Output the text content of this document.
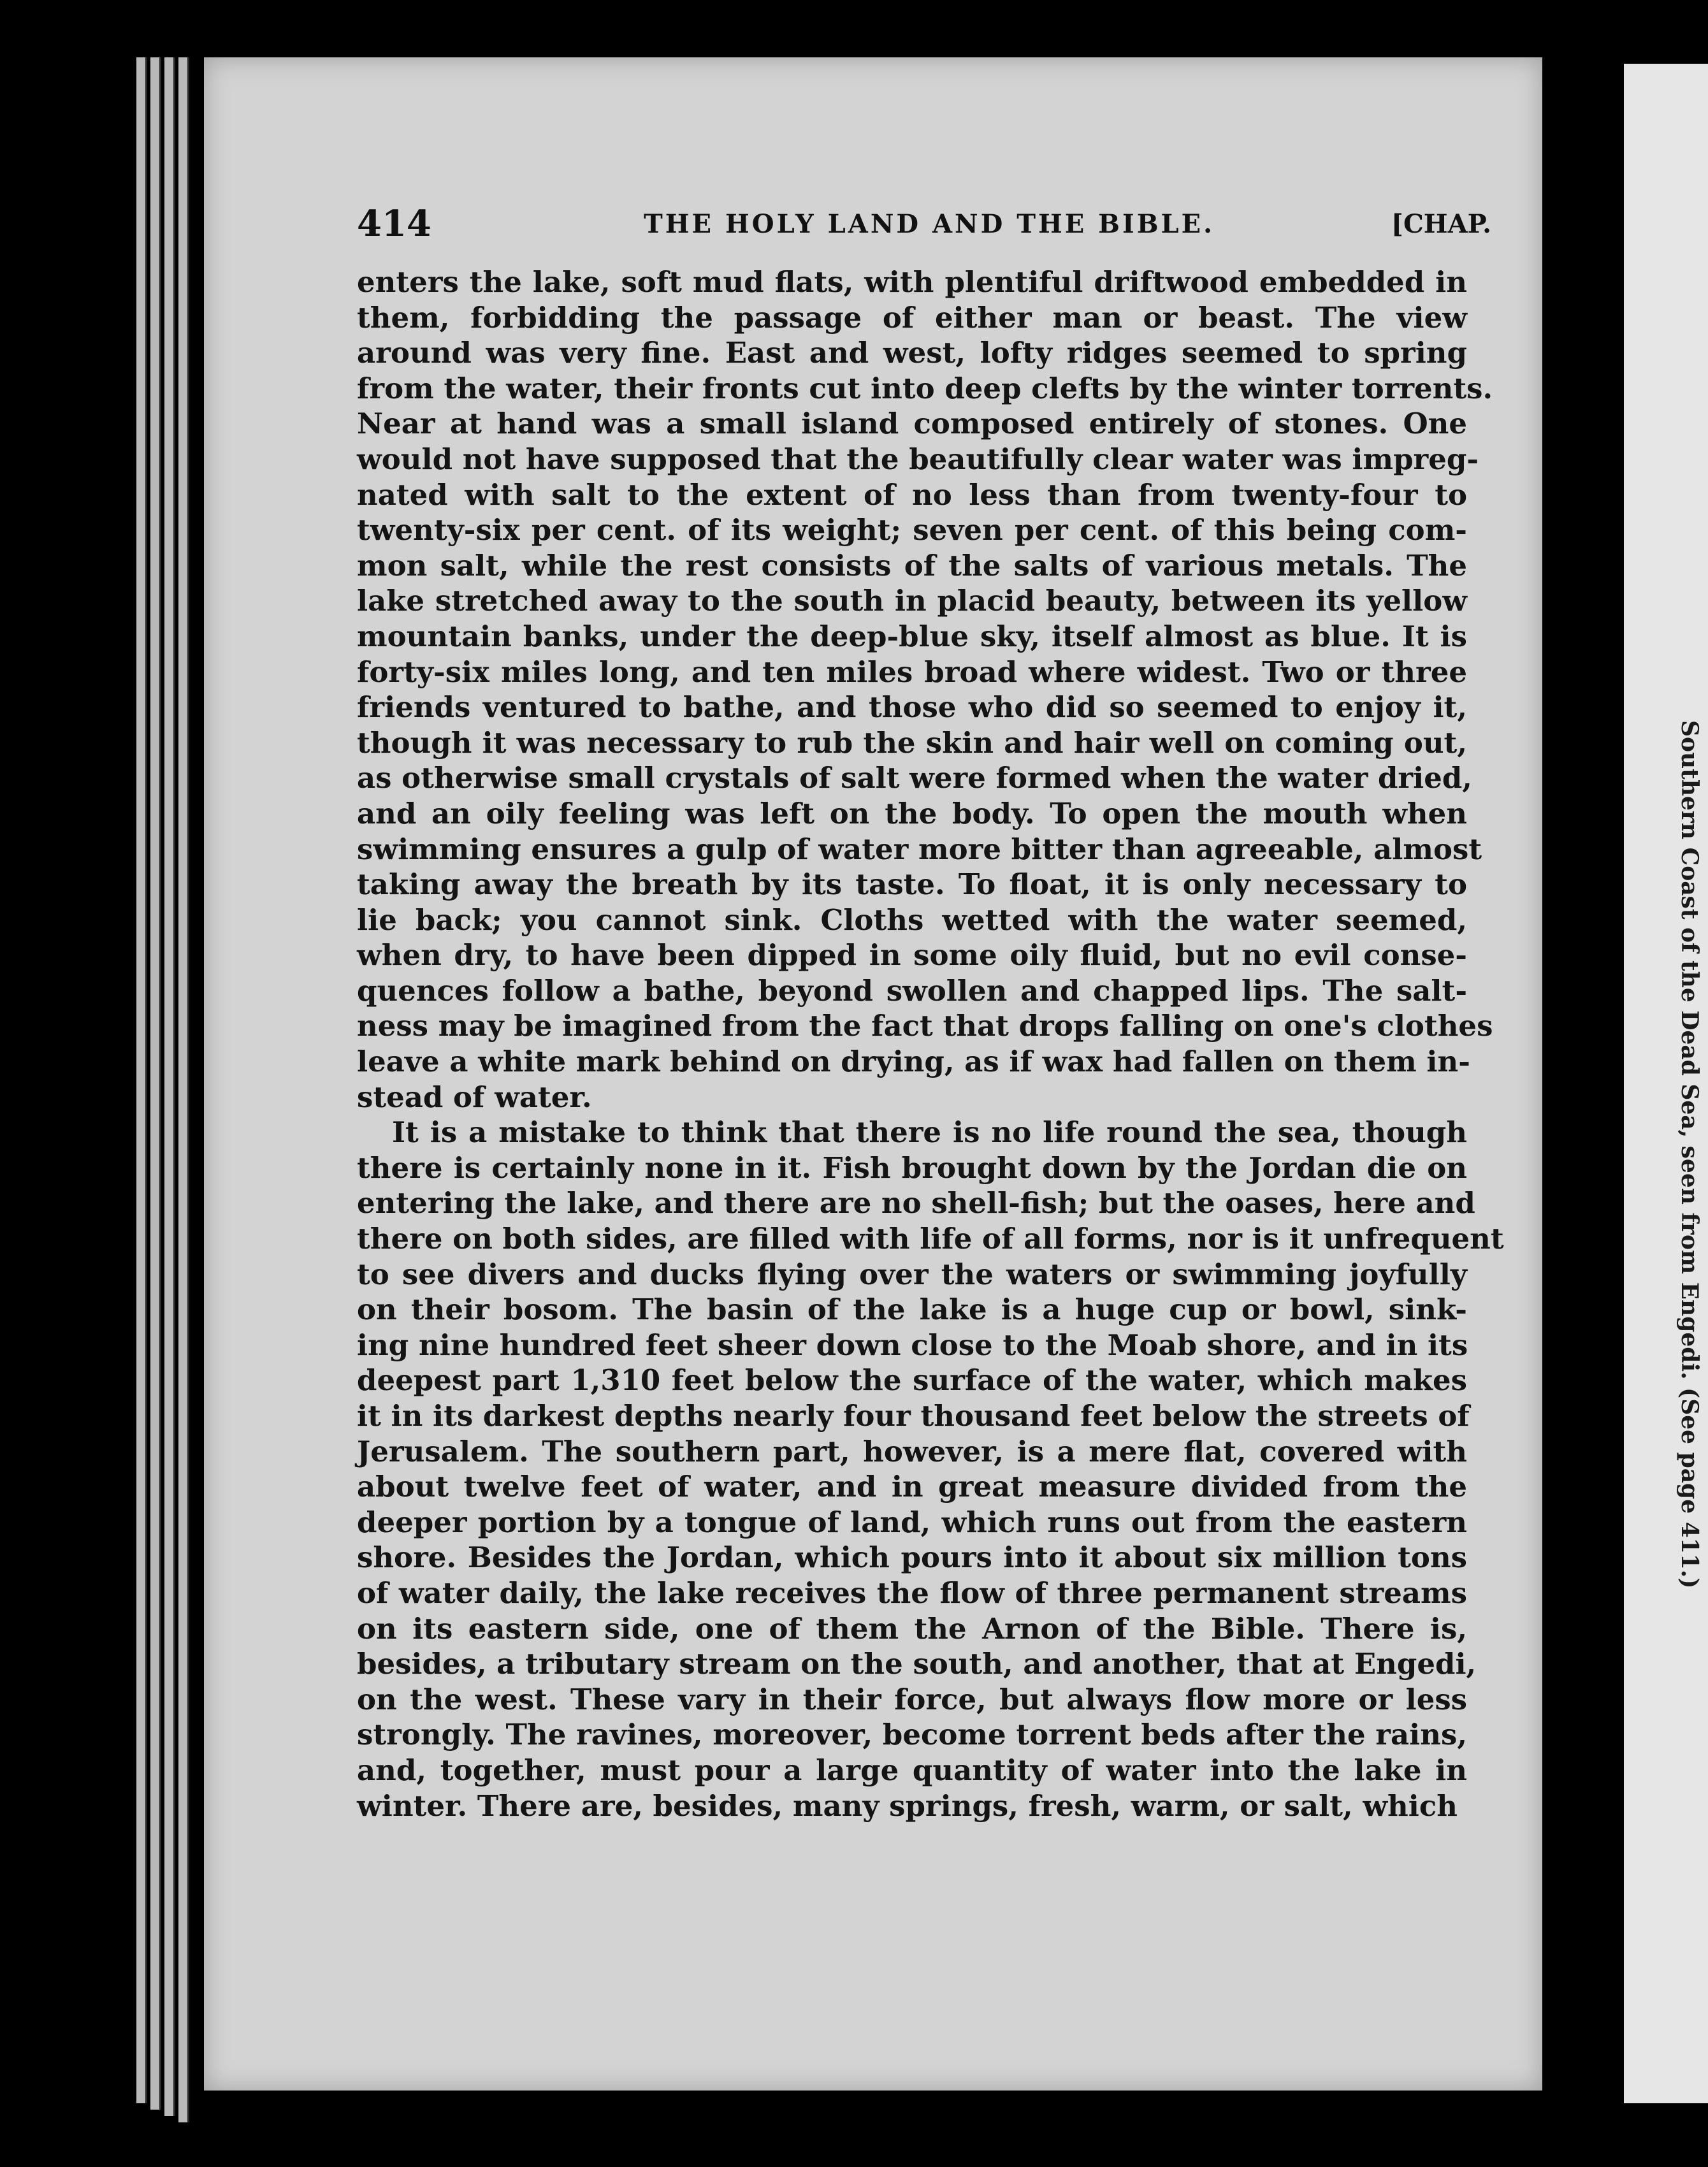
Southern Coast of the Dead Sea, seen from Engedi. (See page 411.)
414	THE HOLY LAND AND THE BIBLE.	[CHAP.
enters the lake, soft mud flats, with plentiful driftwood embedded in
them, forbidding the passage of either man or beast. The view
around was very fine. East and west, lofty ridges seemed to spring
from the water, their fronts cut into deep clefts by the winter torrents.
Near at hand was a small island composed entirely of stones. One
would not have supposed that the beautifully clear water was impreg-
nated with salt to the extent of no less than from twenty-four to
twenty-six per cent. of its weight; seven per cent. of this being com-
mon salt, while the rest consists of the salts of various metals. The
lake stretched away to the south in placid beauty, between its yellow
mountain banks, under the deep-blue sky, itself almost as blue. It is
forty-six miles long, and ten miles broad where widest. Two or three
friends ventured to bathe, and those who did so seemed to enjoy it,
though it was necessary to rub the skin and hair well on coming out,
as otherwise small crystals of salt were formed when the water dried,
and an oily feeling was left on the body. To open the mouth when
swimming ensures a gulp of water more bitter than agreeable, almost
taking away the breath by its taste. To float, it is only necessary to
lie back; you cannot sink. Cloths wetted with the water seemed,
when dry, to have been dipped in some oily fluid, but no evil conse-
quences follow a bathe, beyond swollen and chapped lips. The salt-
ness may be imagined from the fact that drops falling on one's clothes
leave a white mark behind on drying, as if wax had fallen on them in-
stead of water.
It is a mistake to think that there is no life round the sea, though
there is certainly none in it. Fish brought down by the Jordan die on
entering the lake, and there are no shell-fish; but the oases, here and
there on both sides, are filled with life of all forms, nor is it unfrequent
to see divers and ducks flying over the waters or swimming joyfully
on their bosom. The basin of the lake is a huge cup or bowl, sink-
ing nine hundred feet sheer down close to the Moab shore, and in its
deepest part 1,310 feet below the surface of the water, which makes
it in its darkest depths nearly four thousand feet below the streets of
Jerusalem. The southern part, however, is a mere flat, covered with
about twelve feet of water, and in great measure divided from the
deeper portion by a tongue of land, which runs out from the eastern
shore. Besides the Jordan, which pours into it about six million tons
of water daily, the lake receives the flow of three permanent streams
on its eastern side, one of them the Arnon of the Bible. There is,
besides, a tributary stream on the south, and another, that at Engedi,
on the west. These vary in their force, but always flow more or less
strongly. The ravines, moreover, become torrent beds after the rains,
and, together, must pour a large quantity of water into the lake in
winter. There are, besides, many springs, fresh, warm, or salt, which
